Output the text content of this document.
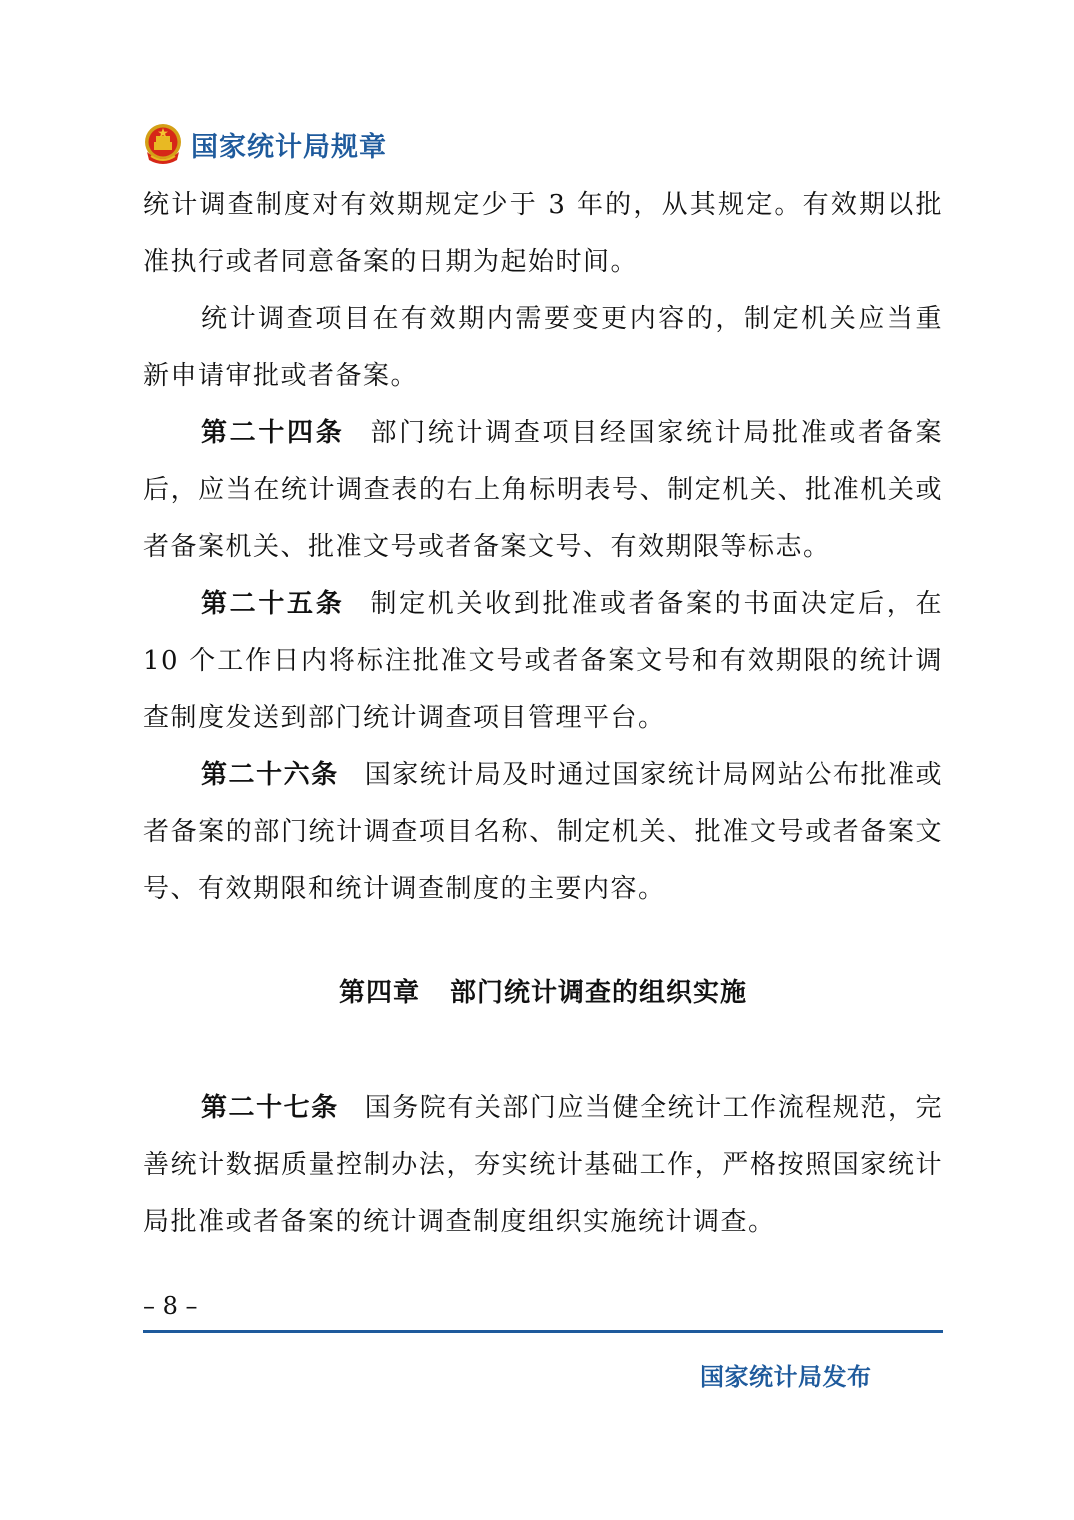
国家统计局规章

统计调查制度对有效期规定少于 3 年的，从其规定。有效期以批准执行或者同意备案的日期为起始时间。

统计调查项目在有效期内需要变更内容的，制定机关应当重新申请审批或者备案。

第二十四条 部门统计调查项目经国家统计局批准或者备案后，应当在统计调查表的右上角标明表号、制定机关、批准机关或者备案机关、批准文号或者备案文号、有效期限等标志。

第二十五条 制定机关收到批准或者备案的书面决定后，在 10 个工作日内将标注批准文号或者备案文号和有效期限的统计调查制度发送到部门统计调查项目管理平台。

第二十六条 国家统计局及时通过国家统计局网站公布批准或者备案的部门统计调查项目名称、制定机关、批准文号或者备案文号、有效期限和统计调查制度的主要内容。

第四章 部门统计调查的组织实施

第二十七条 国务院有关部门应当健全统计工作流程规范，完善统计数据质量控制办法，夯实统计基础工作，严格按照国家统计局批准或者备案的统计调查制度组织实施统计调查。

– 8 –
国家统计局发布
